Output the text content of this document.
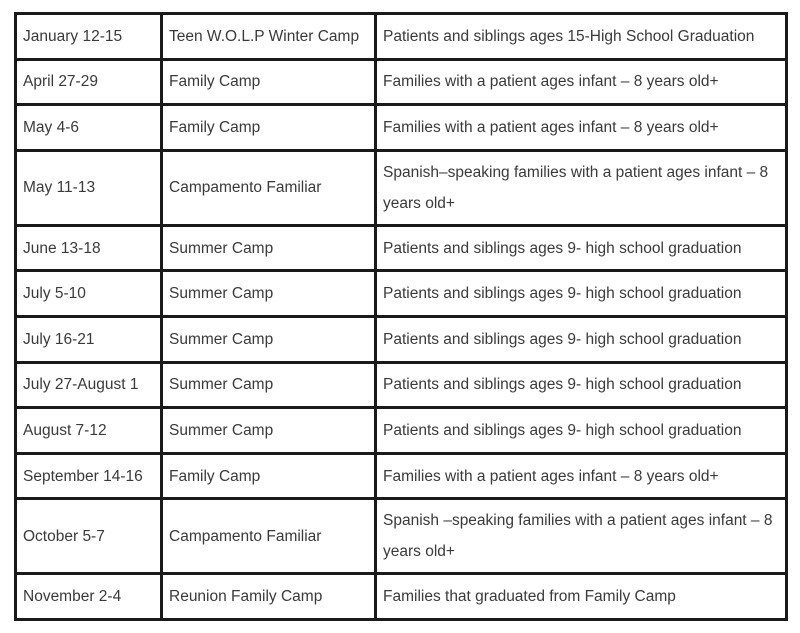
January 12-15	Teen W.O.L.P Winter Camp	Patients and siblings ages 15-High School Graduation
April 27-29	Family Camp	Families with a patient ages infant – 8 years old+
May 4-6	Family Camp	Families with a patient ages infant – 8 years old+
May 11-13	Campamento Familiar	Spanish–speaking families with a patient ages infant – 8 years old+
June 13-18	Summer Camp	Patients and siblings ages 9- high school graduation
July 5-10	Summer Camp	Patients and siblings ages 9- high school graduation
July 16-21	Summer Camp	Patients and siblings ages 9- high school graduation
July 27-August 1	Summer Camp	Patients and siblings ages 9- high school graduation
August 7-12	Summer Camp	Patients and siblings ages 9- high school graduation
September 14-16	Family Camp	Families with a patient ages infant – 8 years old+
October 5-7	Campamento Familiar	Spanish –speaking families with a patient ages infant – 8 years old+
November 2-4	Reunion Family Camp	Families that graduated from Family Camp
